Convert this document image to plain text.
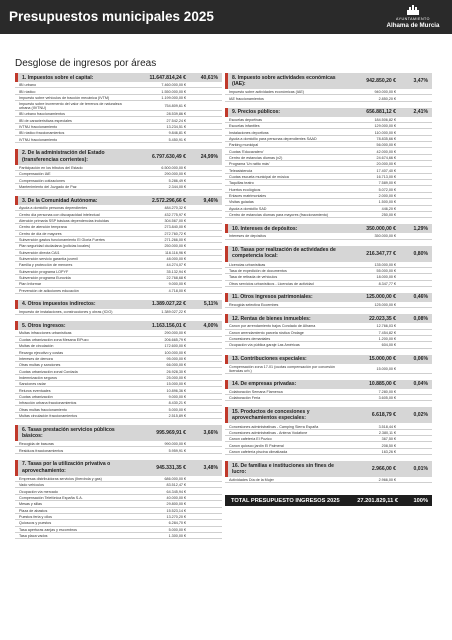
Presupuestos municipales 2025	AYUNTAMIENTO
Alhama de Murcia
Desglose de ingresos por áreas
1. Impuestos sobre el capital:	11.647.814,24 €	40,61%
IBI urbano	7.460.000,00 €
IBI rústico	1.550.000,00 €
Impuesto sobre vehículos de tracción mecánica (IVTM)	1.199.000,00 €
Impuesto sobre incremento del valor de terrenos de naturaleza urbana (IIVTNU)
754.809,61 €
IBI urbano fraccionamientos	28.539,86 €
IBI de características especiales	27.542,24 €
IVTNU fraccionamiento	13.234,51 €
IBI rústico fraccionamientos	9.846,81 €
IVTNU fraccionamiento	5.450,91 €
2. De la administración del Estado (transferencias corrientes):	6.797.630,49 €	24,99%
Participación en los tributos del Estado	6.500.000,00 €
Compensación IAE	290.000,00 €
Compensación cotizaciones	5.286,49 €
Mantenimiento del Juzgado de Paz	2.344,00 €
3. De la Comunidad Autónoma:	2.572.296,66 €	9,46%
Ayuda a domicilio personas dependientes	484.270,32 €
Centro día personas con discapacidad intelectual	432.775,97 €
Atención primaria SSP básicas dependencias incluidas	304.567,00 €
Centro de atención temprana	273.840,00 €
Centro de día de mayores	272.760,72 €
Subvención gastos funcionamiento El Gloria Fuertes	271.266,00 €
Plan seguridad ciudadana (policías locales)	250.000,00 €
Subvención directa CAI1	116.116,96 €
Subvención servicio garantía juvenil	48.000,00 €
Familia y protección de menores	44.274,07 €
Subvención programa LOPYF	35.132,94 €
Subvención programa Eurovida	22.768,68 €
Plan Informar	9.000,00 €
Prevención de adicciones educación	4.718,00 €
4. Otros impuestos indirectos:	1.389.027,22 €	5,11%
Impuesto de instalaciones, construcciones y obras (ICIO)	1.389.027,22 €
5. Otros ingresos:	1.163.156,01 €	4,00%
Multas infracciones urbanísticas	290.000,00 €
Cuotas urbanización zona Mesana ElPuzo	206.665,79 €
Multas de circulación	172.600,00 €
Recargo ejecutivo y costas	100.000,00 €
Intereses de demora	95.000,00 €
Otras multas y sanciones	66.000,00 €
Cuotas urbanización zonal Cordada	26.928,30 €
Indemnización seguros	25.000,00 €
Sanciones radar	15.000,00 €
Reiuros eventuales	10.896,36 €
Cuotas urbanización	9.000,00 €
Infracción urbana fraccionamientos	8.430,21 €
Otras multas fraccionamiento	5.000,00 €
Multas circulación fraccionamientos	2.515,89 €
6. Tasas prestación servicios públicos básicos:	995.969,91 €	3,66%
Recogida de basuras	990.000,00 €
Residuos fraccionamientos	5.959,91 €
7. Tasas por la utilización privativa o aprovechamiento:	945.331,35 €	3,48%
Empresas distribuidoras servicios (Iberdrola y gas)	686.000,00 €
Vado vehículos	83.512,47 €
Ocupación vía mercado	64.345,94 €
Compensación Telefónica España S.A.	40.000,00 €
Mesas y sillas	29.800,00 €
Plaza de abastos	15.523,14 €
Puestos feria y ollos	13.270,20 €
Quioscos y puestos	6.284,70 €
Tasa aperturas zanjas y escombros	5.000,00 €
Tasa placa vados	1.300,00 €
8. Impuesto sobre actividades económicas (IAE):	942.850,20 €	3,47%
Impuesto sobre actividades económicas (IAE)	940.000,00 €
IAE fraccionamientos	2.850,20 €
9. Precios públicos:	656.881,12 €	2,41%
Escuelas deportivas	184.506,82 €
Escuelas infantiles	129.000,00 €
Instalaciones deportivas	110.000,00 €
Ayuda a domicilio para personas dependientes SAAD	78.835,66 €
Parking municipal	56.000,00 €
Cuotas 'Educavalero'	42.000,00 €
Centro de estancias diurnas (x2)	24.674,66 €
Programa 'Un ratito más'	20.000,00 €
Teleasistencia	17.407,40 €
Cuotas escuela municipal de música	16.713,00 €
Taquillas teatro	7.589,00 €
Huertos ecológicos	5.072,00 €
Enlaces matrimoniales	2.000,00 €
Visitas guiadas	1.500,00 €
Ayuda a domicilio SAD	446,20 €
Centro de estancias diurnas para mayores (fraccionamiento)	250,00 €
10. Intereses de depósitos:	350.000,00 €	1,29%
Intereses de depósitos	350.000,00 €
10. Tasas por realización de actividades de competencia local:	216.347,77 €	0,80%
Licencias urbanísticas	135.000,00 €
Tasa de expedición de documentos	55.000,00 €
Tasa de retirada de vehículos	18.000,00 €
Otros servicios urbanísticos - Licencias de actividad	8.347,77 €
11. Otros ingresos patrimoniales:	125.000,00 €	0,46%
Recogida selectiva Ecoembes	125.000,00 €
12. Rentas de bienes inmuebles:	22.023,35 €	0,08%
Canon por arrendamiento bajos Condado de Alhama	12.766,03 €
Canon arrendamiento parcela rústica Ondage	7.454,82 €
Concesiones demaniales	1.200,00 €
Ocupación vía pública garaje Las Américas	604,00 €
13. Contribuciones especiales:	15.000,00 €	0,06%
Compensación zona 17-01 (cuotas compensación por concesión licencias urb.)
15.000,00 €
14. De empresas privadas:	10.885,00 €	0,04%
Colaboración Semana Flamenca	7.280,00 €
Colaboración Feria	3.605,00 €
15. Productos de concesiones y aprovechamientos especiales:	6.618,79 €	0,02%
Concesiones administrativas - Camping Sierra España	3.518,44 €
Concesiones administrativas - Antena Vodafone	2.380,11 €
Canon cafetería El Pozico	367,50 €
Canon quiosco jardín El Palmeral	208,50 €
Canon cafetería piscina climatizada	163,26 €
16. De familias e instituciones sin fines de lucro:	2.966,00 €	0,01%
Actividades Día de la Mujer	2.966,00 €
TOTAL PRESUPUESTO INGRESOS 2025	27.201.829,11 €	100%
